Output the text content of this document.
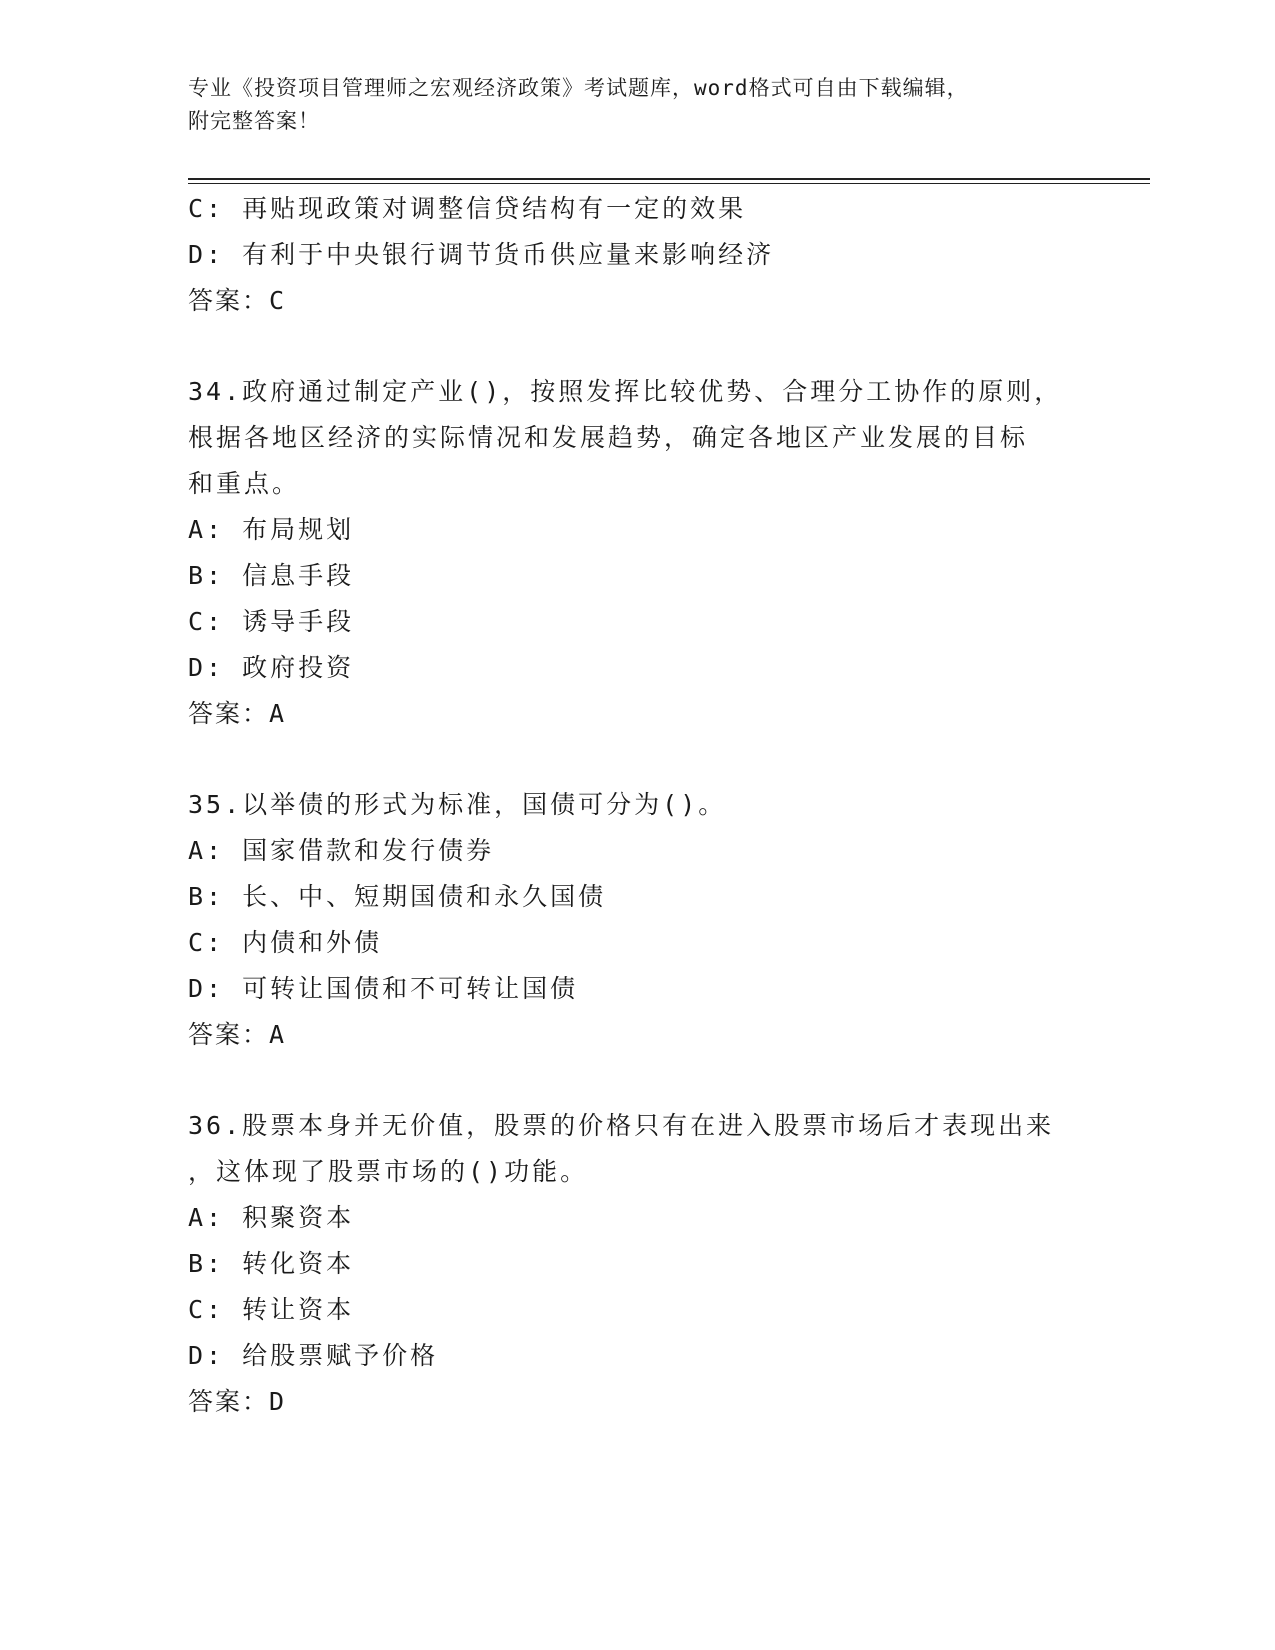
专业《投资项目管理师之宏观经济政策》考试题库，word格式可自由下载编辑，
附完整答案！
C: 再贴现政策对调整信贷结构有一定的效果
D: 有利于中央银行调节货币供应量来影响经济
答案：C
34.政府通过制定产业()，按照发挥比较优势、合理分工协作的原则，
根据各地区经济的实际情况和发展趋势，确定各地区产业发展的目标
和重点。
A: 布局规划
B: 信息手段
C: 诱导手段
D: 政府投资
答案：A
35.以举债的形式为标准，国债可分为()。
A: 国家借款和发行债券
B: 长、中、短期国债和永久国债
C: 内债和外债
D: 可转让国债和不可转让国债
答案：A
36.股票本身并无价值，股票的价格只有在进入股票市场后才表现出来
，这体现了股票市场的()功能。
A: 积聚资本
B: 转化资本
C: 转让资本
D: 给股票赋予价格
答案：D
